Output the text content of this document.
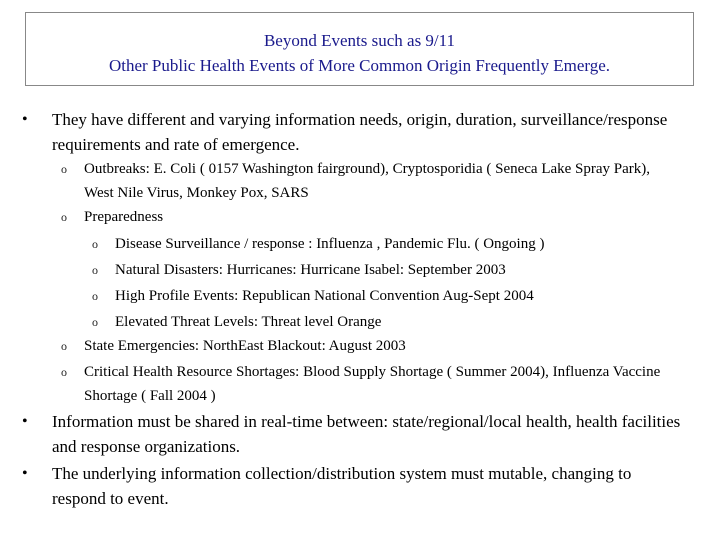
Beyond Events such as 9/11
Other Public Health Events of More Common Origin Frequently Emerge.
• They have different and varying information needs, origin, duration, surveillance/response requirements and rate of emergence.
o Outbreaks: E. Coli ( 0157 Washington fairground), Cryptosporidia ( Seneca Lake Spray Park), West Nile Virus, Monkey Pox, SARS
o Preparedness
o Disease Surveillance / response : Influenza , Pandemic Flu. ( Ongoing )
o Natural Disasters: Hurricanes: Hurricane Isabel: September 2003
o High Profile Events: Republican National Convention Aug-Sept 2004
o Elevated Threat Levels: Threat level Orange
o State Emergencies: NorthEast Blackout: August 2003
o Critical Health Resource Shortages: Blood Supply Shortage ( Summer 2004), Influenza Vaccine Shortage ( Fall 2004 )
• Information must be shared in real-time between: state/regional/local health, health facilities and response organizations.
• The underlying information collection/distribution system must mutable, changing to respond to event.
